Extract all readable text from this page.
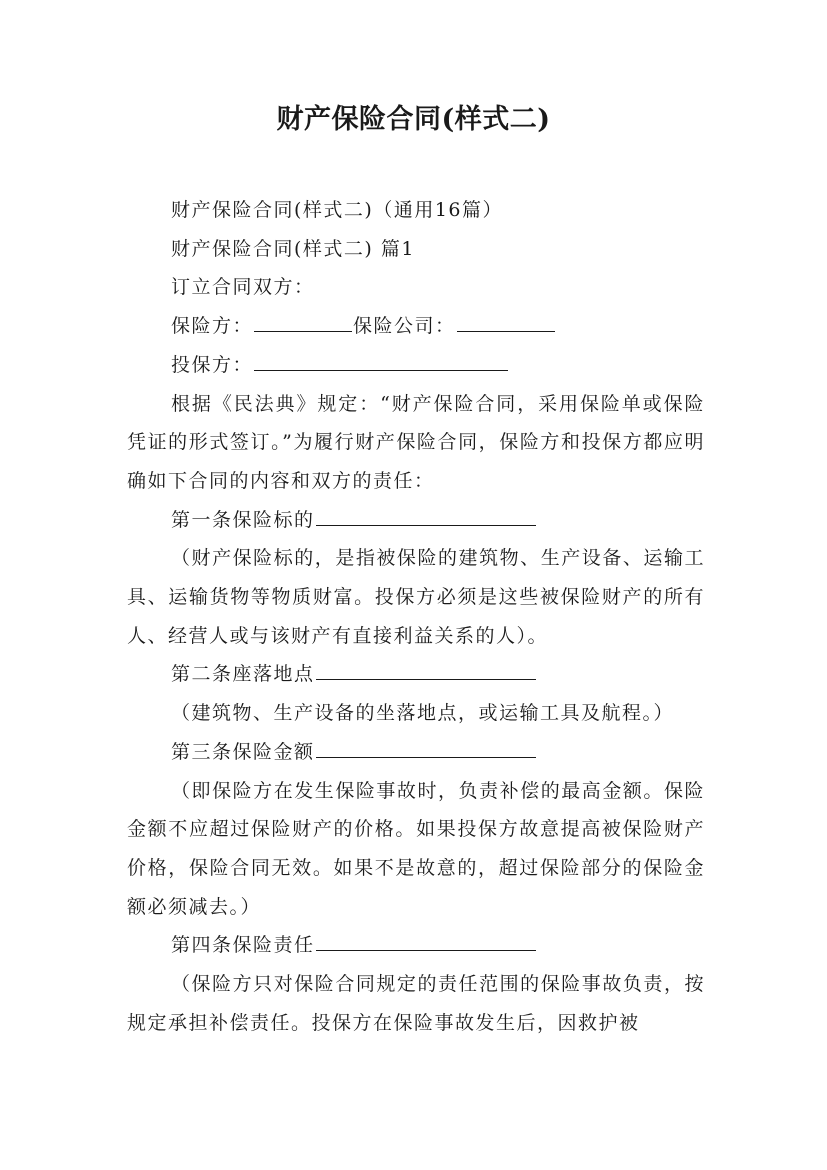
财产保险合同(样式二)

财产保险合同(样式二)（通用16篇）

财产保险合同(样式二) 篇1

订立合同双方：

保险方：	保险公司：

投保方：

根据《民法典》规定：“财产保险合同，采用保险单或保险凭证的形式签订。”为履行财产保险合同，保险方和投保方都应明确如下合同的内容和双方的责任：

第一条保险标的

（财产保险标的，是指被保险的建筑物、生产设备、运输工具、运输货物等物质财富。投保方必须是这些被保险财产的所有人、经营人或与该财产有直接利益关系的人）。

第二条座落地点

（建筑物、生产设备的坐落地点，或运输工具及航程。）

第三条保险金额

（即保险方在发生保险事故时，负责补偿的最高金额。保险金额不应超过保险财产的价格。如果投保方故意提高被保险财产价格，保险合同无效。如果不是故意的，超过保险部分的保险金额必须减去。）

第四条保险责任

（保险方只对保险合同规定的责任范围的保险事故负责，按规定承担补偿责任。投保方在保险事故发生后，因救护被
